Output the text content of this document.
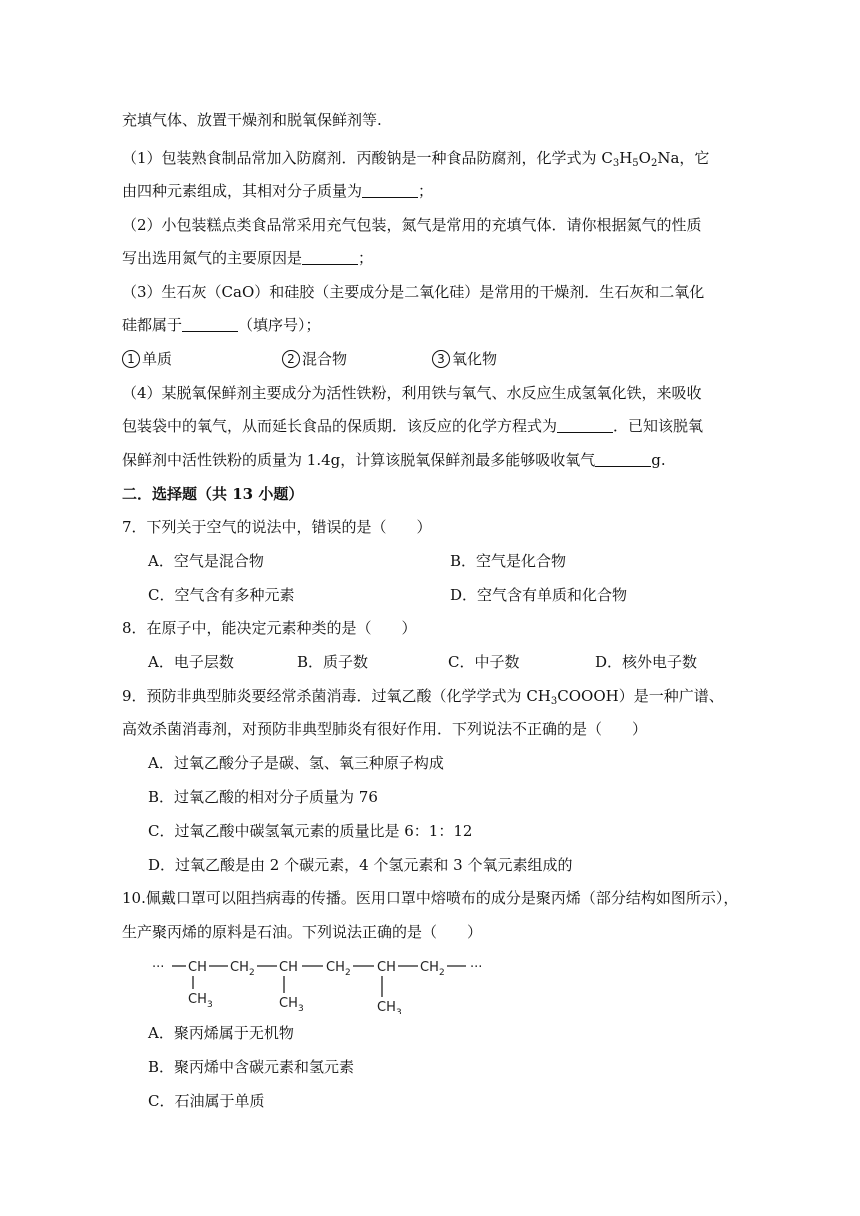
充填气体、放置干燥剂和脱氧保鲜剂等.
（1）包装熟食制品常加入防腐剂．丙酸钠是一种食品防腐剂，化学式为 $C_3H_5O_2Na$，它
由四种元素组成，其相对分子质量为	；
（2）小包装糕点类食品常采用充气包装，氮气是常用的充填气体．请你根据氮气的性质
写出选用氮气的主要原因是	；
（3）生石灰（CaO）和硅胶（主要成分是二氧化硅）是常用的干燥剂．生石灰和二氧化
硅都属于	（填序号）；
1 单质	2 混合物	3 氧化物
（4）某脱氧保鲜剂主要成分为活性铁粉，利用铁与氧气、水反应生成氢氧化铁，来吸收
包装袋中的氧气，从而延长食品的保质期．该反应的化学方程式为	．已知该脱氧
保鲜剂中活性铁粉的质量为 1.4g，计算该脱氧保鲜剂最多能够吸收氧气	g.
二．选择题（共 13 小题）
7．下列关于空气的说法中，错误的是（　　）
A．空气是混合物	B．空气是化合物
C．空气含有多种元素	D．空气含有单质和化合物
8．在原子中，能决定元素种类的是（　　）
A．电子层数	B．质子数	C．中子数	D．核外电子数
9．预防非典型肺炎要经常杀菌消毒．过氧乙酸（化学学式为 $CH_3COOOH$）是一种广谱、
高效杀菌消毒剂，对预防非典型肺炎有很好作用．下列说法不正确的是（　　）
A．过氧乙酸分子是碳、氢、氧三种原子构成
B．过氧乙酸的相对分子质量为 76
C．过氧乙酸中碳氢氧元素的质量比是 6：1：12
D．过氧乙酸是由 2 个碳元素，4 个氢元素和 3 个氧元素组成的
10.佩戴口罩可以阻挡病毒的传播。医用口罩中熔喷布的成分是聚丙烯（部分结构如图所示），
生产聚丙烯的原料是石油。下列说法正确的是（　　）
··· CH CH 2 CH CH 2 CH CH 2 ···
CH 3	CH 3	CH 3
A．聚丙烯属于无机物
B．聚丙烯中含碳元素和氢元素
C．石油属于单质
